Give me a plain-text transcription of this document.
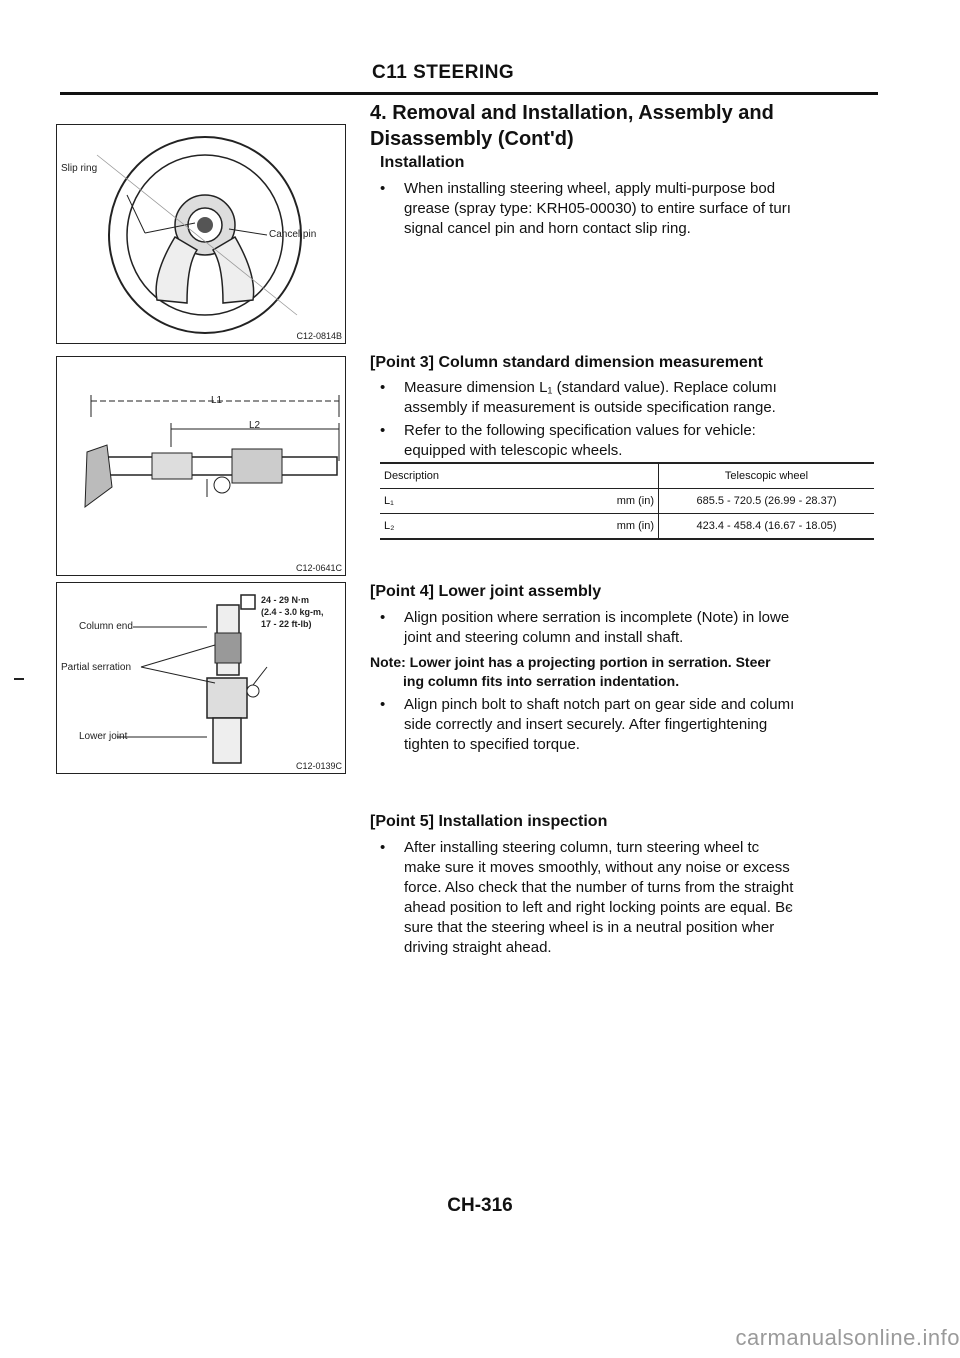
C11 STEERING
4. Removal and Installation, Assembly and
Disassembly (Cont'd)
Installation
• When installing steering wheel, apply multi-purpose bod
grease (spray type: KRH05-00030) to entire surface of turı
signal cancel pin and horn contact slip ring.
[Point 3] Column standard dimension measurement
• Measure dimension L₁ (standard value). Replace columı
assembly if measurement is outside specification range.
• Refer to the following specification values for vehicle:
equipped with telescopic wheels.
Description		Telescopic wheel
L₁	mm (in)	685.5 - 720.5 (26.99 - 28.37)
L₂	mm (in)	423.4 - 458.4 (16.67 - 18.05)
[Point 4] Lower joint assembly
• Align position where serration is incomplete (Note) in lowe
joint and steering column and install shaft.
Note: Lower joint has a projecting portion in serration. Steer
ing column fits into serration indentation.
• Align pinch bolt to shaft notch part on gear side and columı
side correctly and insert securely. After fingertightening
tighten to specified torque.
[Point 5] Installation inspection
• After installing steering column, turn steering wheel tc
make sure it moves smoothly, without any noise or excess
force. Also check that the number of turns from the straight
ahead position to left and right locking points are equal. Bє
sure that the steering wheel is in a neutral position wher
driving straight ahead.
Slip ring
Cancel pin
C12-0814B
L1
L2
C12-0641C
Column end
Partial serration
Lower joint
24 - 29 N·m
(2.4 - 3.0 kg-m,
17 - 22 ft-lb)
C12-0139C
CH-316
carmanualsonline.info
